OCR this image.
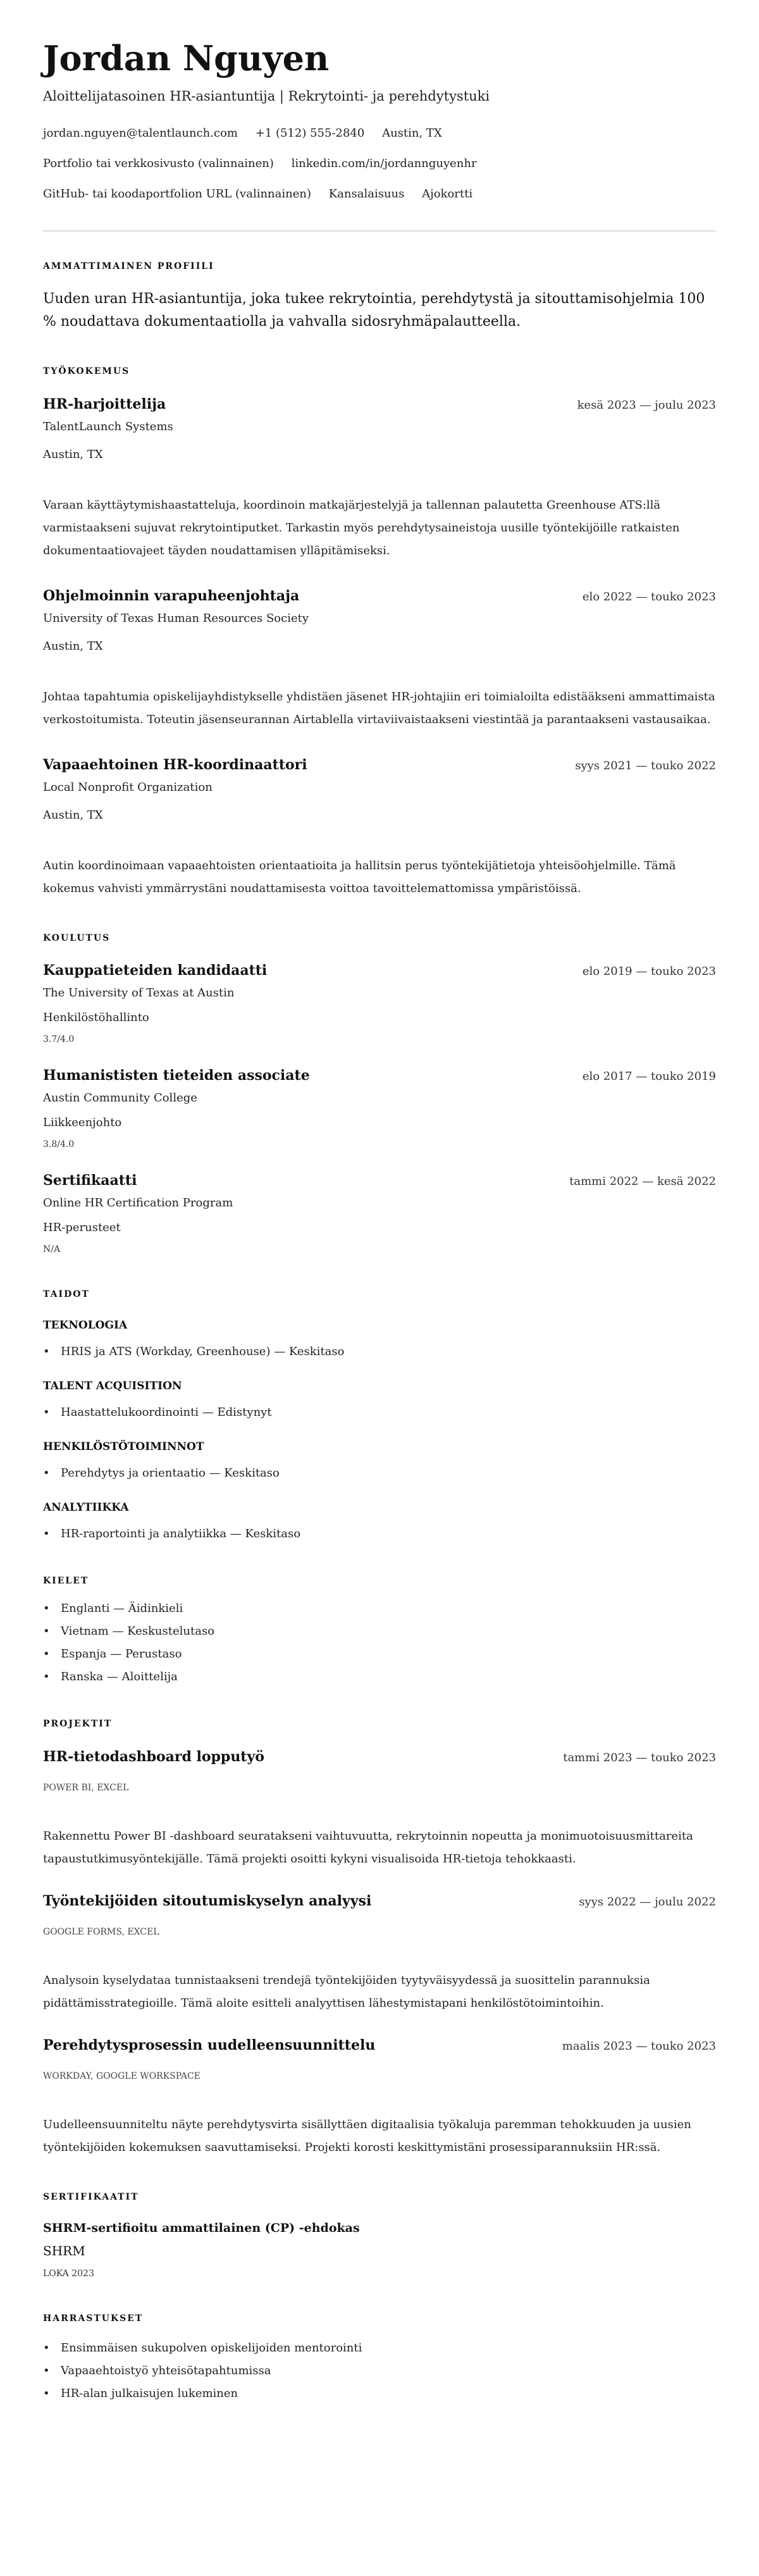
Jordan Nguyen
Aloittelijatasoinen HR-asiantuntija | Rekrytointi- ja perehdytystuki
jordan.nguyen@talentlaunch.com +1 (512) 555-2840 Austin, TX
Portfolio tai verkkosivusto (valinnainen) linkedin.com/in/jordannguyenhr
GitHub- tai koodaportfolion URL (valinnainen) Kansalaisuus Ajokortti
AMMATTIMAINEN PROFIILI

Uuden uran HR-asiantuntija, joka tukee rekrytointia, perehdytystä ja sitouttamisohjelmia 100 % noudattava dokumentaatiolla ja vahvalla sidosryhmäpalautteella.

TYÖKOKEMUS
HR-harjoittelija	kesä 2023 — joulu 2023
TalentLaunch Systems
Austin, TX
Varaan käyttäytymishaastatteluja, koordinoin matkajärjestelyjä ja tallennan palautetta Greenhouse ATS:llä varmistaakseni sujuvat rekrytointiputket. Tarkastin myös perehdytysaineistoja uusille työntekijöille ratkaisten dokumentaatiovajeet täyden noudattamisen ylläpitämiseksi.
Ohjelmoinnin varapuheenjohtaja	elo 2022 — touko 2023
University of Texas Human Resources Society
Austin, TX
Johtaa tapahtumia opiskelijayhdistykselle yhdistäen jäsenet HR-johtajiin eri toimialoilta edistääkseni ammattimaista verkostoitumista. Toteutin jäsenseurannan Airtablella virtaviivaistaakseni viestintää ja parantaakseni vastausaikaa.
Vapaaehtoinen HR-koordinaattori	syys 2021 — touko 2022
Local Nonprofit Organization
Austin, TX
Autin koordinoimaan vapaaehtoisten orientaatioita ja hallitsin perus työntekijätietoja yhteisöohjelmille. Tämä kokemus vahvisti ymmärrystäni noudattamisesta voittoa tavoittelemattomissa ympäristöissä.
KOULUTUS
Kauppatieteiden kandidaatti	elo 2019 — touko 2023
The University of Texas at Austin
Henkilöstöhallinto
3.7/4.0
Humanististen tieteiden associate	elo 2017 — touko 2019
Austin Community College
Liikkeenjohto
3.8/4.0
Sertifikaatti	tammi 2022 — kesä 2022
Online HR Certification Program
HR-perusteet
N/A
TAIDOT
TEKNOLOGIA
• HRIS ja ATS (Workday, Greenhouse) — Keskitaso
TALENT ACQUISITION
• Haastattelukoordinointi — Edistynyt
HENKILÖSTÖTOIMINNOT
• Perehdytys ja orientaatio — Keskitaso
ANALYTIIKKA
• HR-raportointi ja analytiikka — Keskitaso
KIELET
• Englanti — Äidinkieli
• Vietnam — Keskustelutaso
• Espanja — Perustaso
• Ranska — Aloittelija
PROJEKTIT
HR-tietodashboard lopputyö	tammi 2023 — touko 2023
POWER BI, EXCEL
Rakennettu Power BI -dashboard seuratakseni vaihtuvuutta, rekrytoinnin nopeutta ja monimuotoisuusmittareita tapaustutkimusyöntekijälle. Tämä projekti osoitti kykyni visualisoida HR-tietoja tehokkaasti.
Työntekijöiden sitoutumiskyselyn analyysi	syys 2022 — joulu 2022
GOOGLE FORMS, EXCEL
Analysoin kyselydataa tunnistaakseni trendejä työntekijöiden tyytyväisyydessä ja suosittelin parannuksia pidättämisstrategioille. Tämä aloite esitteli analyyttisen lähestymistapani henkilöstötoimintoihin.
Perehdytysprosessin uudelleensuunnittelu	maalis 2023 — touko 2023
WORKDAY, GOOGLE WORKSPACE
Uudelleensuunniteltu näyte perehdytysvirta sisällyttäen digitaalisia työkaluja paremman tehokkuuden ja uusien työntekijöiden kokemuksen saavuttamiseksi. Projekti korosti keskittymistäni prosessiparannuksiin HR:ssä.
SERTIFIKAATIT
SHRM-sertifioitu ammattilainen (CP) -ehdokas
SHRM
LOKA 2023
HARRASTUKSET
• Ensimmäisen sukupolven opiskelijoiden mentorointi
• Vapaaehtoistyö yhteisötapahtumissa
• HR-alan julkaisujen lukeminen
